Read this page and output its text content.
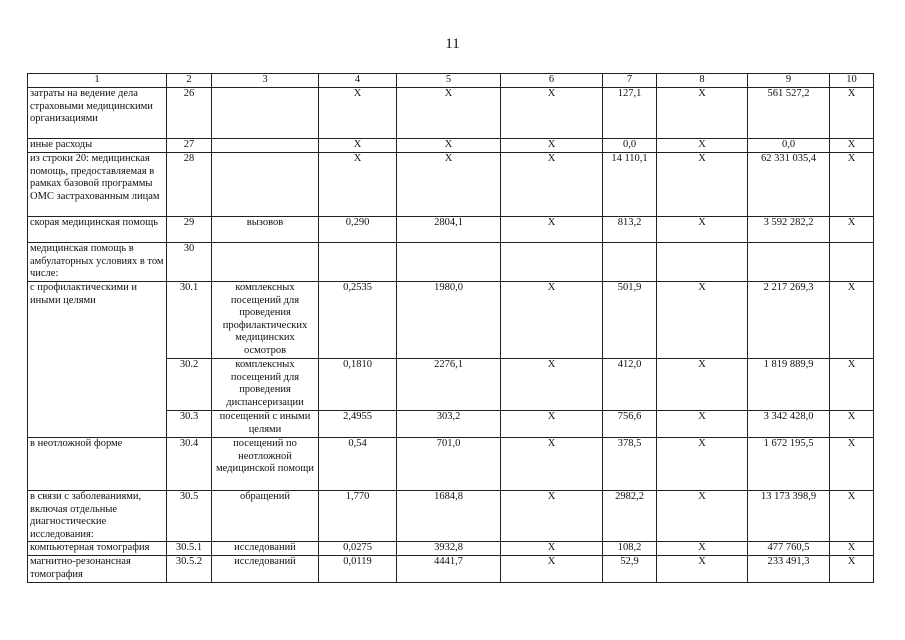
11
1	2	3	4	5	6	7	8	9	10
затраты на ведение дела страховыми медицинскими организациями	26		Х	Х	Х	127,1	Х	561 527,2	Х
иные расходы	27		Х	Х	Х	0,0	Х	0,0	Х
из строки 20: медицинская помощь, предоставляемая в рамках базовой программы ОМС застрахованным лицам	28		Х	Х	Х	14 110,1	Х	62 331 035,4	Х
скорая медицинская помощь	29	вызовов	0,290	2804,1	Х	813,2	Х	3 592 282,2	Х
медицинская помощь в амбулаторных условиях в том числе:	30								
с профилактическими и иными целями	30.1	комплексных посещений для проведения профилактических медицинских осмотров	0,2535	1980,0	Х	501,9	Х	2 217 269,3	Х
	30.2	комплексных посещений для проведения диспансеризации	0,1810	2276,1	Х	412,0	Х	1 819 889,9	Х
	30.3	посещений с иными целями	2,4955	303,2	Х	756,6	Х	3 342 428,0	Х
в неотложной форме	30.4	посещений по неотложной медицинской помощи	0,54	701,0	Х	378,5	Х	1 672 195,5	Х
в связи с заболеваниями, включая отдельные диагностические исследования:	30.5	обращений	1,770	1684,8	Х	2982,2	Х	13 173 398,9	Х
компьютерная томография	30.5.1	исследований	0,0275	3932,8	Х	108,2	Х	477 760,5	Х
магнитно-резонансная томография	30.5.2	исследований	0,0119	4441,7	Х	52,9	Х	233 491,3	Х
